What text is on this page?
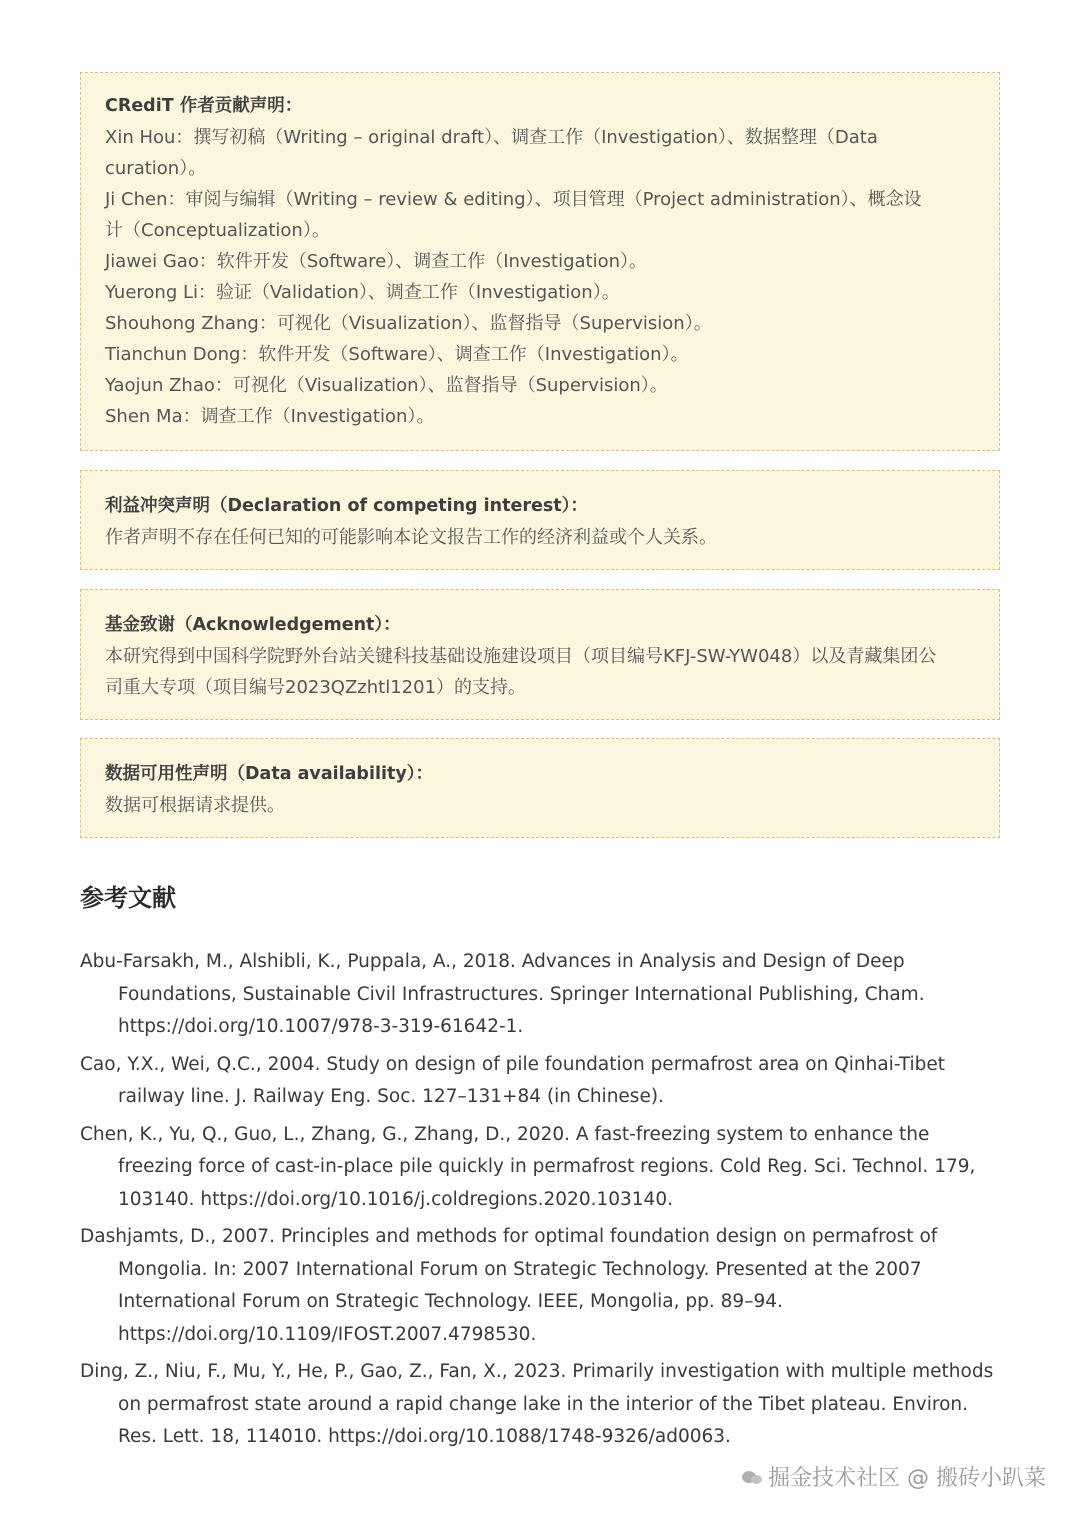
CRediT 作者贡献声明：
Xin Hou：撰写初稿（Writing – original draft）、调查工作（Investigation）、数据整理（Data
curation）。
Ji Chen：审阅与编辑（Writing – review & editing）、项目管理（Project administration）、概念设
计（Conceptualization）。
Jiawei Gao：软件开发（Software）、调查工作（Investigation）。
Yuerong Li：验证（Validation）、调查工作（Investigation）。
Shouhong Zhang：可视化（Visualization）、监督指导（Supervision）。
Tianchun Dong：软件开发（Software）、调查工作（Investigation）。
Yaojun Zhao：可视化（Visualization）、监督指导（Supervision）。
Shen Ma：调查工作（Investigation）。
利益冲突声明（Declaration of competing interest）：
作者声明不存在任何已知的可能影响本论文报告工作的经济利益或个人关系。
基金致谢（Acknowledgement）：
本研究得到中国科学院野外台站关键科技基础设施建设项目（项目编号KFJ-SW-YW048）以及青藏集团公
司重大专项（项目编号2023QZzhtl1201）的支持。
数据可用性声明（Data availability）：
数据可根据请求提供。
参考文献
Abu-Farsakh, M., Alshibli, K., Puppala, A., 2018. Advances in Analysis and Design of Deep Foundations, Sustainable Civil Infrastructures. Springer International Publishing, Cham. https://doi.org/10.1007/978-3-319-61642-1.
Cao, Y.X., Wei, Q.C., 2004. Study on design of pile foundation permafrost area on Qinhai-Tibet railway line. J. Railway Eng. Soc. 127–131+84 (in Chinese).
Chen, K., Yu, Q., Guo, L., Zhang, G., Zhang, D., 2020. A fast-freezing system to enhance the freezing force of cast-in-place pile quickly in permafrost regions. Cold Reg. Sci. Technol. 179, 103140. https://doi.org/10.1016/j.coldregions.2020.103140.
Dashjamts, D., 2007. Principles and methods for optimal foundation design on permafrost of Mongolia. In: 2007 International Forum on Strategic Technology. Presented at the 2007 International Forum on Strategic Technology. IEEE, Mongolia, pp. 89–94. https://doi.org/10.1109/IFOST.2007.4798530.
Ding, Z., Niu, F., Mu, Y., He, P., Gao, Z., Fan, X., 2023. Primarily investigation with multiple methods on permafrost state around a rapid change lake in the interior of the Tibet plateau. Environ. Res. Lett. 18, 114010. https://doi.org/10.1088/1748-9326/ad0063.
掘金技术社区 @ 搬砖小趴菜
